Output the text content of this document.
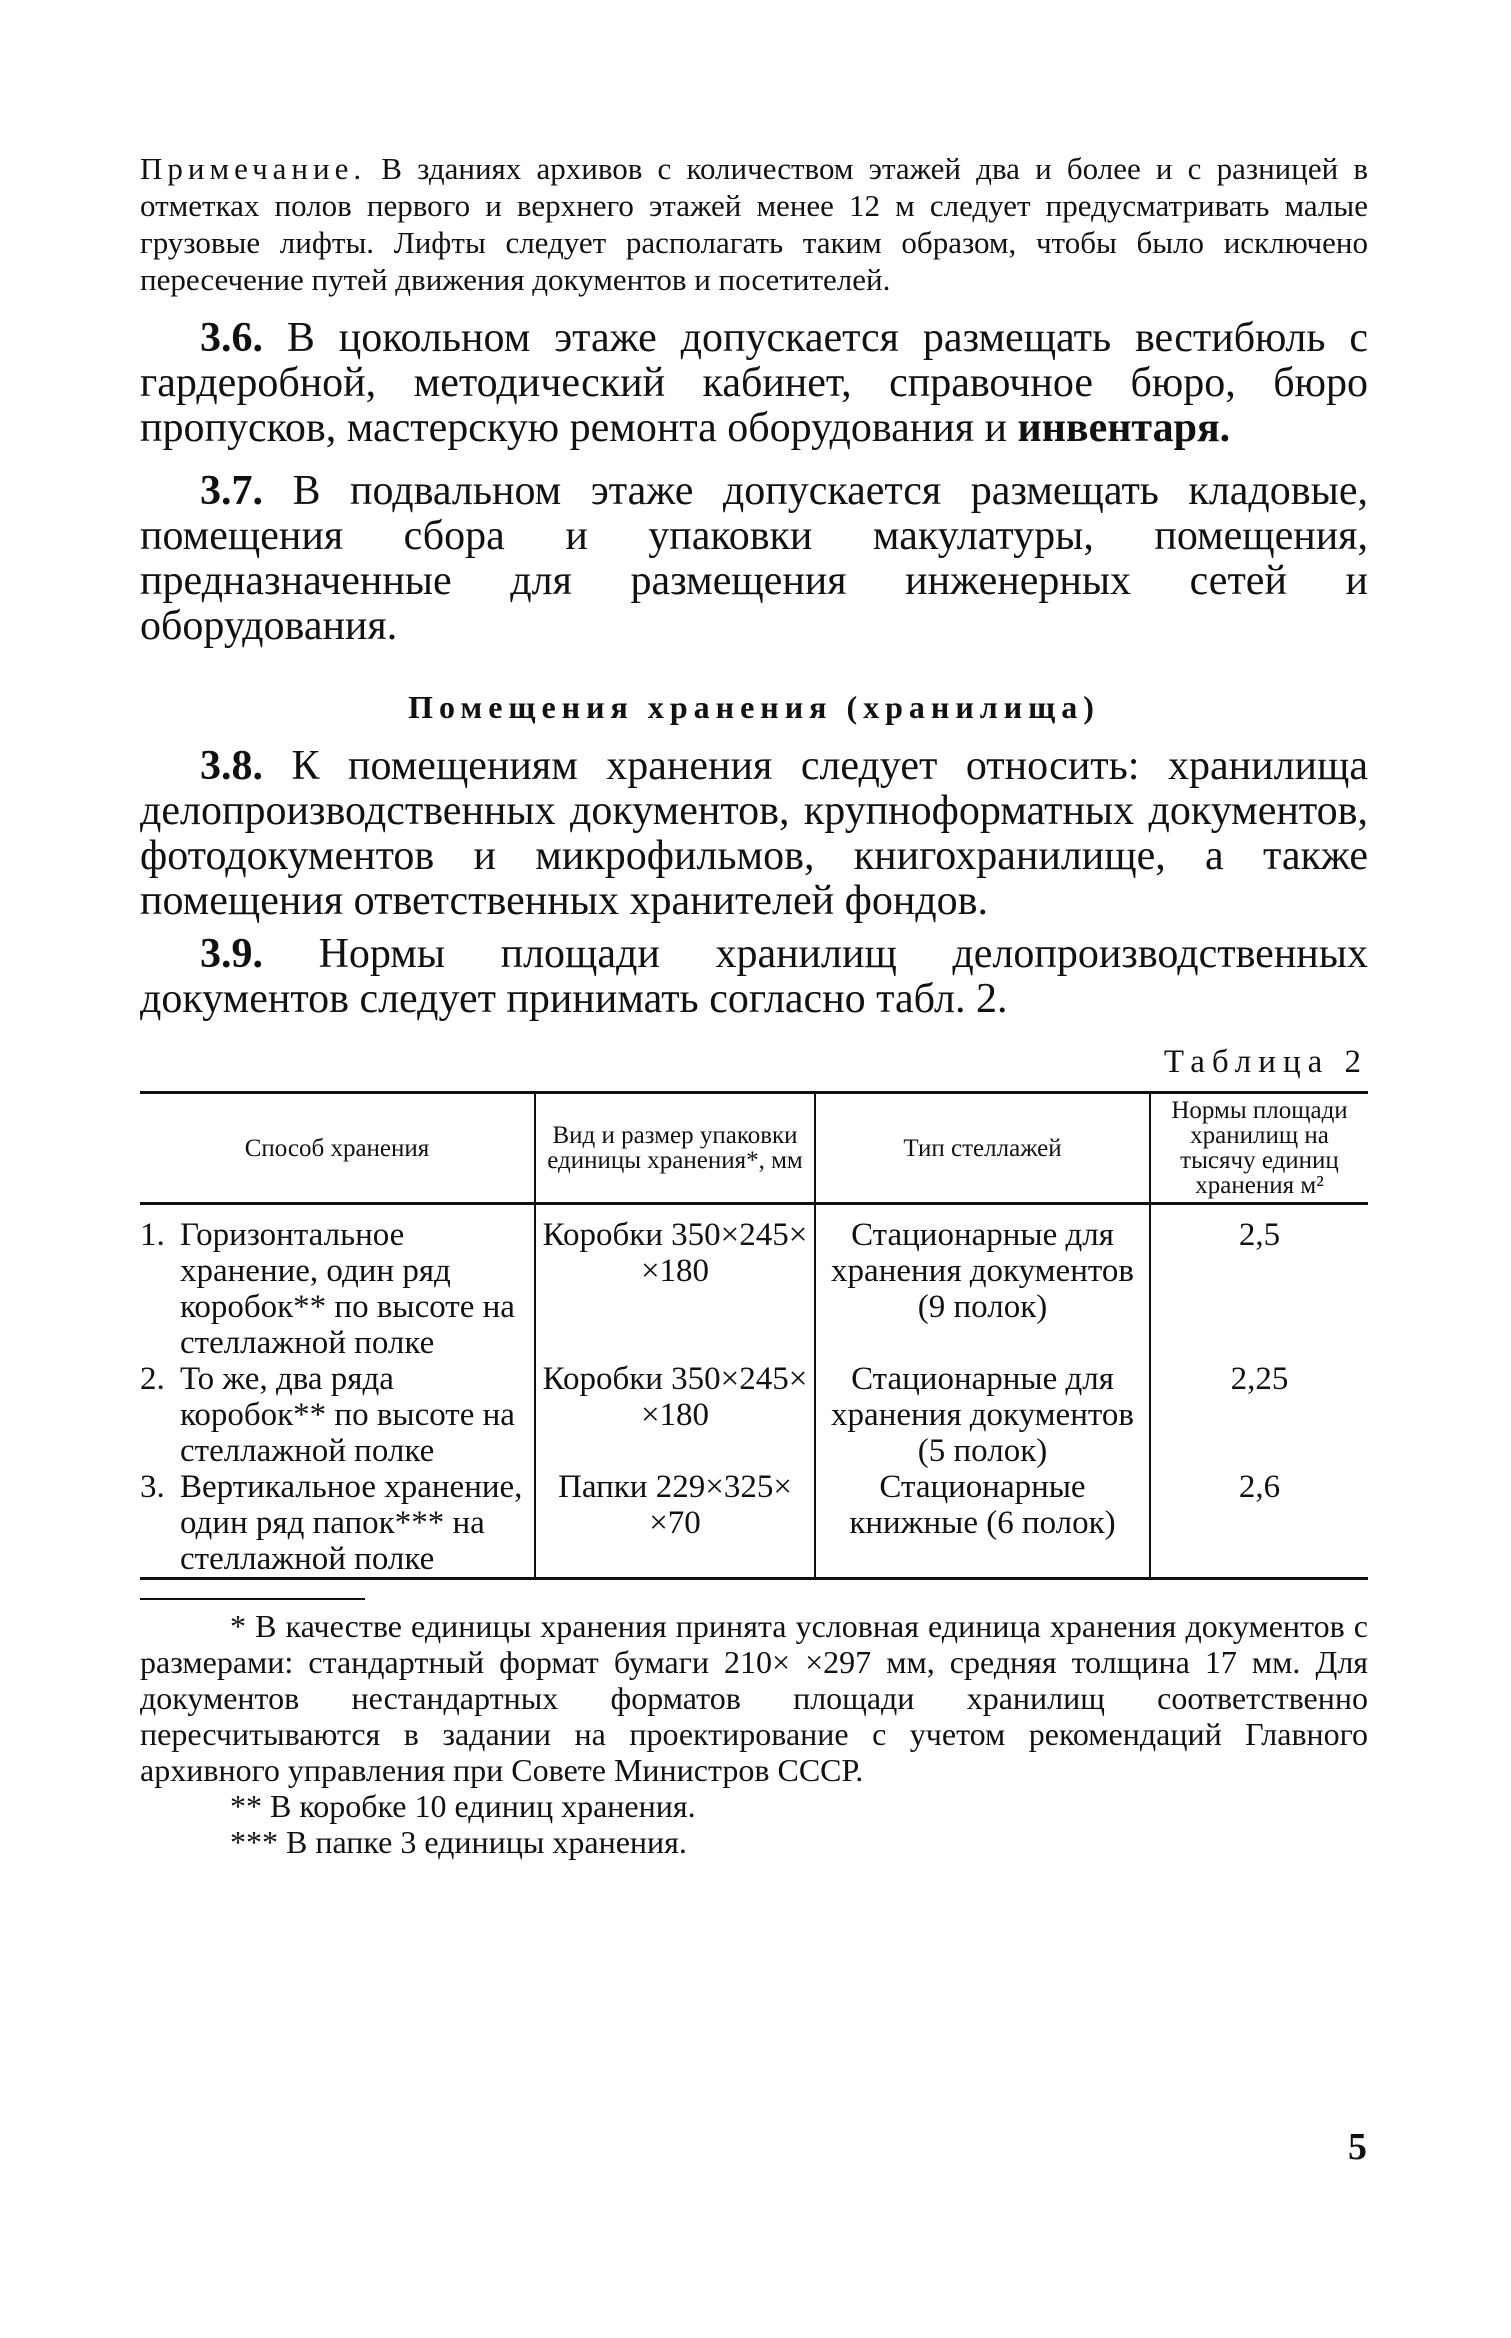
Примечание. В зданиях архивов с количеством этажей два и более и с разницей в отметках полов первого и верхнего этажей менее 12 м следует предусматривать малые грузовые лифты. Лифты следует располагать таким образом, чтобы было исключено пересечение путей движения документов и посетителей.
3.6. В цокольном этаже допускается размещать вестибюль с гардеробной, методический кабинет, справочное бюро, бюро пропусков, мастерскую ремонта оборудования и инвентаря.
3.7. В подвальном этаже допускается размещать кладовые, помещения сбора и упаковки макулатуры, помещения, предназначенные для размещения инженерных сетей и оборудования.
Помещения хранения (хранилища)
3.8. К помещениям хранения следует относить: хранилища делопроизводственных документов, крупноформатных документов, фотодокументов и микрофильмов, книгохранилище, а также помещения ответственных хранителей фондов.
3.9. Нормы площади хранилищ делопроизводственных документов следует принимать согласно табл. 2.
Таблица 2
Способ хранения	Вид и размер упаковки единицы хранения*, мм	Тип стеллажей	Нормы площади хранилищ на тысячу единиц хранения м²

1. Горизонтальное хранение, один ряд коробок** по высоте на стеллажной полке	Коробки 350×245× ×180	Стационарные для хранения документов (9 полок)	2,5

2. То же, два ряда коробок** по высоте на стеллажной полке	Коробки 350×245× ×180	Стационарные для хранения документов (5 полок)	2,25

3. Вертикальное хранение, один ряд папок*** на стеллажной полке	Папки 229×325× ×70	Стационарные книжные (6 полок)	2,6
* В качестве единицы хранения принята условная единица хранения документов с размерами: стандартный формат бумаги 210× ×297 мм, средняя толщина 17 мм. Для документов нестандартных форматов площади хранилищ соответственно пересчитываются в задании на проектирование с учетом рекомендаций Главного архивного управления при Совете Министров СССР.
** В коробке 10 единиц хранения.
*** В папке 3 единицы хранения.
5
